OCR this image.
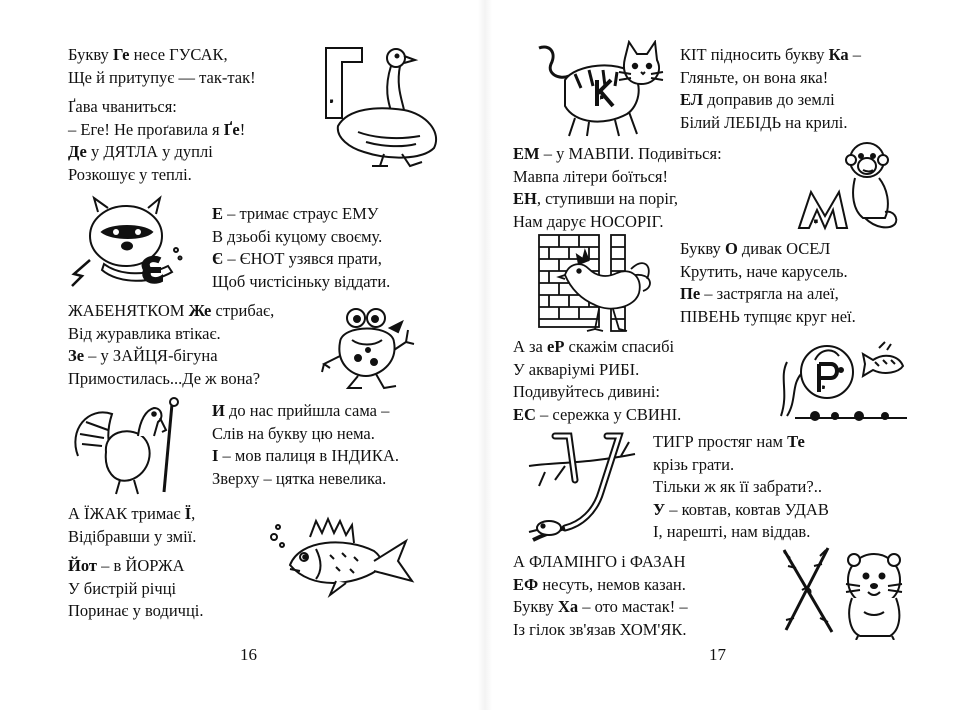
Букву Ге несе ГУСАК,
Ще й притупує — так-так!
Ґава чваниться:
– Еге! Не проґавила я Ґе!
Де у ДЯТЛА у дуплі
Розкошує у теплі.
Е – тримає страус ЕМУ
В дзьобі куцому своєму.
Є – ЄНОТ узявся прати,
Щоб чистісіньку віддати.
ЖАБЕНЯТКОМ Же стрибає,
Від журавлика втікає.
Зе – у ЗАЙЦЯ-бігуна
Примостилась...Де ж вона?
И до нас прийшла сама –
Слів на букву цю нема.
І – мов палиця в ІНДИКА.
Зверху – цятка невелика.
А ЇЖАК тримає Ї,
Відібравши у змії.
Йот – в ЙОРЖА
У бистрій річці
Поринає у водичці.
Г
Є
16
КІТ підносить букву Ка –
Гляньте, он вона яка!
ЕЛ доправив до землі
Білий ЛЕБІДЬ на крилі.
ЕМ – у МАВПИ. Подивіться:
Мавпа літери боїться!
ЕН, ступивши на поріг,
Нам дарує НОСОРІГ.
Букву О дивак ОСЕЛ
Крутить, наче карусель.
Пе – застрягла на алеї,
ПІВЕНЬ тупцяє круг неї.
А за еР скажім спасибі
У акваріумі РИБІ.
Подивуйтесь дивині:
ЕС – сережка у СВИНІ.
ТИГР простяг нам Те
крізь грати.
Тільки ж як її забрати?..
У – ковтав, ковтав УДАВ
І, нарешті, нам віддав.
А ФЛАМІНГО і ФАЗАН
ЕФ несуть, немов казан.
Букву Ха – ото мастак! –
Із гілок зв'язав ХОМ'ЯК.
К
М
Р
17
